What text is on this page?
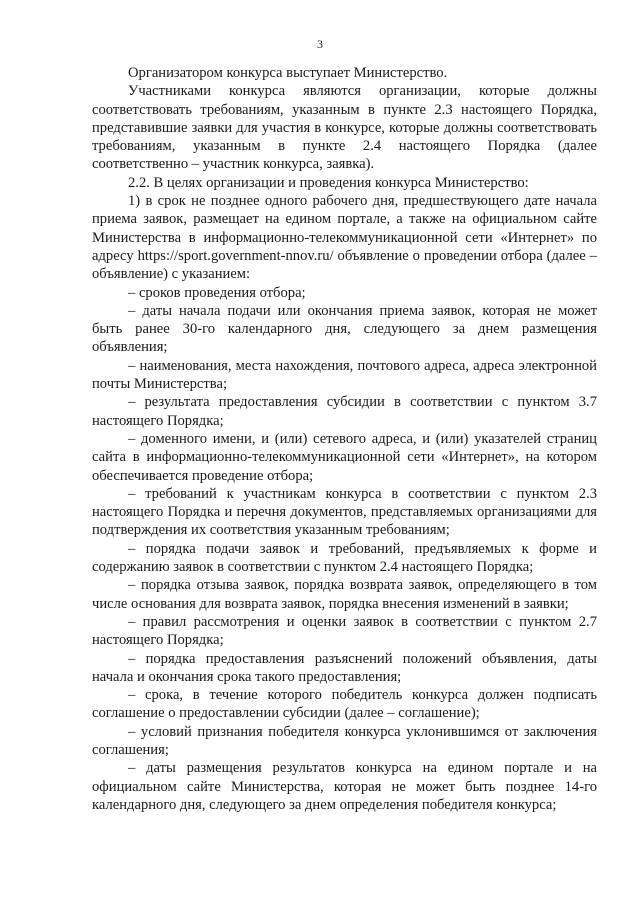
3

Организатором конкурса выступает Министерство.

Участниками конкурса являются организации, которые должны соответствовать требованиям, указанным в пункте 2.3 настоящего Порядка, представившие заявки для участия в конкурсе, которые должны соответствовать требованиям, указанным в пункте 2.4 настоящего Порядка (далее соответственно – участник конкурса, заявка).

2.2. В целях организации и проведения конкурса Министерство:

1) в срок не позднее одного рабочего дня, предшествующего дате начала приема заявок, размещает на едином портале, а также на официальном сайте Министерства в информационно-телекоммуникационной сети «Интернет» по адресу https://sport.government-nnov.ru/ объявление о проведении отбора (далее – объявление) с указанием:

– сроков проведения отбора;

– даты начала подачи или окончания приема заявок, которая не может быть ранее 30-го календарного дня, следующего за днем размещения объявления;

– наименования, места нахождения, почтового адреса, адреса электронной почты Министерства;

– результата предоставления субсидии в соответствии с пунктом 3.7 настоящего Порядка;

– доменного имени, и (или) сетевого адреса, и (или) указателей страниц сайта в информационно-телекоммуникационной сети «Интернет», на котором обеспечивается проведение отбора;

– требований к участникам конкурса в соответствии с пунктом 2.3 настоящего Порядка и перечня документов, представляемых организациями для подтверждения их соответствия указанным требованиям;

– порядка подачи заявок и требований, предъявляемых к форме и содержанию заявок в соответствии с пунктом 2.4 настоящего Порядка;

– порядка отзыва заявок, порядка возврата заявок, определяющего в том числе основания для возврата заявок, порядка внесения изменений в заявки;

– правил рассмотрения и оценки заявок в соответствии с пунктом 2.7 настоящего Порядка;

– порядка предоставления разъяснений положений объявления, даты начала и окончания срока такого предоставления;

– срока, в течение которого победитель конкурса должен подписать соглашение о предоставлении субсидии (далее – соглашение);

– условий признания победителя конкурса уклонившимся от заключения соглашения;

– даты размещения результатов конкурса на едином портале и на официальном сайте Министерства, которая не может быть позднее 14-го календарного дня, следующего за днем определения победителя конкурса;
